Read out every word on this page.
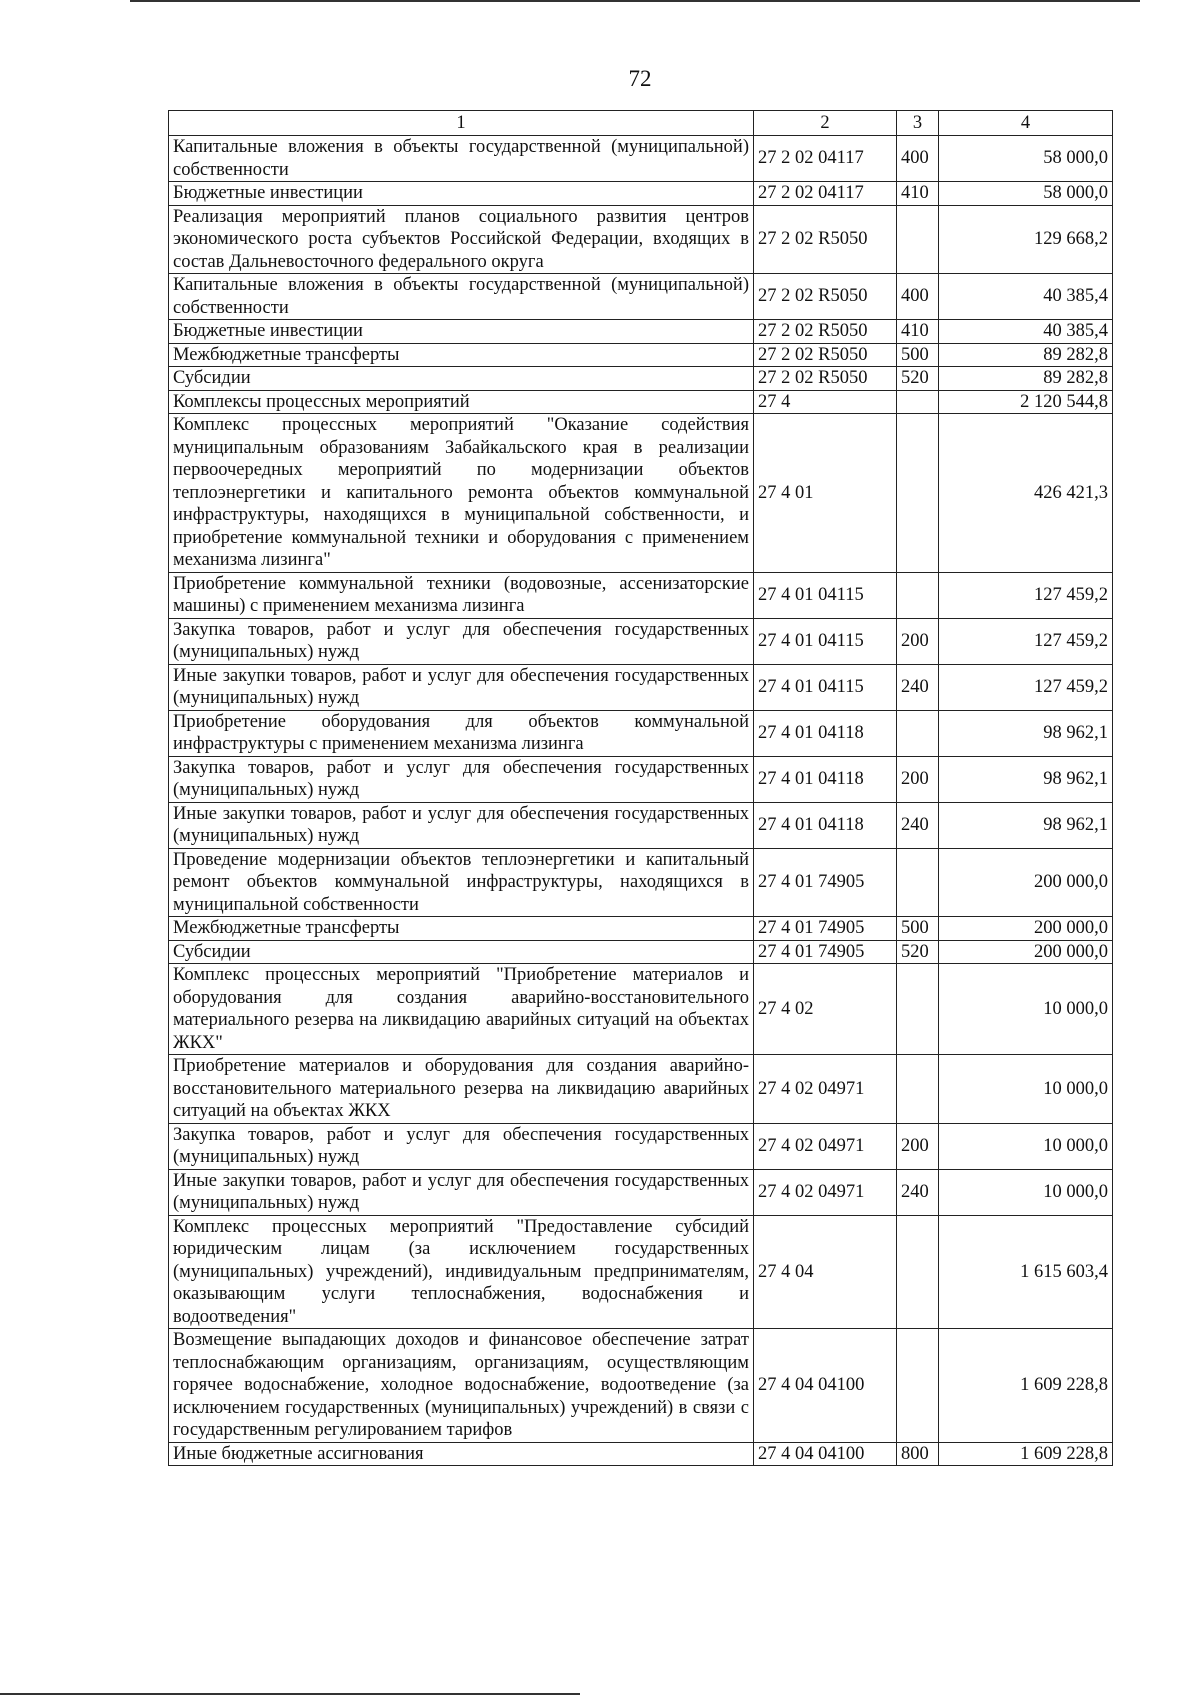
72
1	2	3	4
Капитальные вложения в объекты государственной (муниципальной) собственности	27 2 02 04117	400	58 000,0
Бюджетные инвестиции	27 2 02 04117	410	58 000,0
Реализация мероприятий планов социального развития центров экономического роста субъектов Российской Федерации, входящих в состав Дальневосточного федерального округа	27 2 02 R5050		129 668,2
Капитальные вложения в объекты государственной (муниципальной) собственности	27 2 02 R5050	400	40 385,4
Бюджетные инвестиции	27 2 02 R5050	410	40 385,4
Межбюджетные трансферты	27 2 02 R5050	500	89 282,8
Субсидии	27 2 02 R5050	520	89 282,8
Комплексы процессных мероприятий	27 4		2 120 544,8
Комплекс процессных мероприятий "Оказание содействия муниципальным образованиям Забайкальского края в реализации первоочередных мероприятий по модернизации объектов теплоэнергетики и капитального ремонта объектов коммунальной инфраструктуры, находящихся в муниципальной собственности, и приобретение коммунальной техники и оборудования с применением механизма лизинга"	27 4 01		426 421,3
Приобретение коммунальной техники (водовозные, ассенизаторские машины) с применением механизма лизинга	27 4 01 04115		127 459,2
Закупка товаров, работ и услуг для обеспечения государственных (муниципальных) нужд	27 4 01 04115	200	127 459,2
Иные закупки товаров, работ и услуг для обеспечения государственных (муниципальных) нужд	27 4 01 04115	240	127 459,2
Приобретение оборудования для объектов коммунальной инфраструктуры с применением механизма лизинга	27 4 01 04118		98 962,1
Закупка товаров, работ и услуг для обеспечения государственных (муниципальных) нужд	27 4 01 04118	200	98 962,1
Иные закупки товаров, работ и услуг для обеспечения государственных (муниципальных) нужд	27 4 01 04118	240	98 962,1
Проведение модернизации объектов теплоэнергетики и капитальный ремонт объектов коммунальной инфраструктуры, находящихся в муниципальной собственности	27 4 01 74905		200 000,0
Межбюджетные трансферты	27 4 01 74905	500	200 000,0
Субсидии	27 4 01 74905	520	200 000,0
Комплекс процессных мероприятий "Приобретение материалов и оборудования для создания аварийно-восстановительного материального резерва на ликвидацию аварийных ситуаций на объектах ЖКХ"	27 4 02		10 000,0
Приобретение материалов и оборудования для создания аварийно-восстановительного материального резерва на ликвидацию аварийных ситуаций на объектах ЖКХ	27 4 02 04971		10 000,0
Закупка товаров, работ и услуг для обеспечения государственных (муниципальных) нужд	27 4 02 04971	200	10 000,0
Иные закупки товаров, работ и услуг для обеспечения государственных (муниципальных) нужд	27 4 02 04971	240	10 000,0
Комплекс процессных мероприятий "Предоставление субсидий юридическим лицам (за исключением государственных (муниципальных) учреждений), индивидуальным предпринимателям, оказывающим услуги теплоснабжения, водоснабжения и водоотведения"	27 4 04		1 615 603,4
Возмещение выпадающих доходов и финансовое обеспечение затрат теплоснабжающим организациям, организациям, осуществляющим горячее водоснабжение, холодное водоснабжение, водоотведение (за исключением государственных (муниципальных) учреждений) в связи с государственным регулированием тарифов	27 4 04 04100		1 609 228,8
Иные бюджетные ассигнования	27 4 04 04100	800	1 609 228,8
